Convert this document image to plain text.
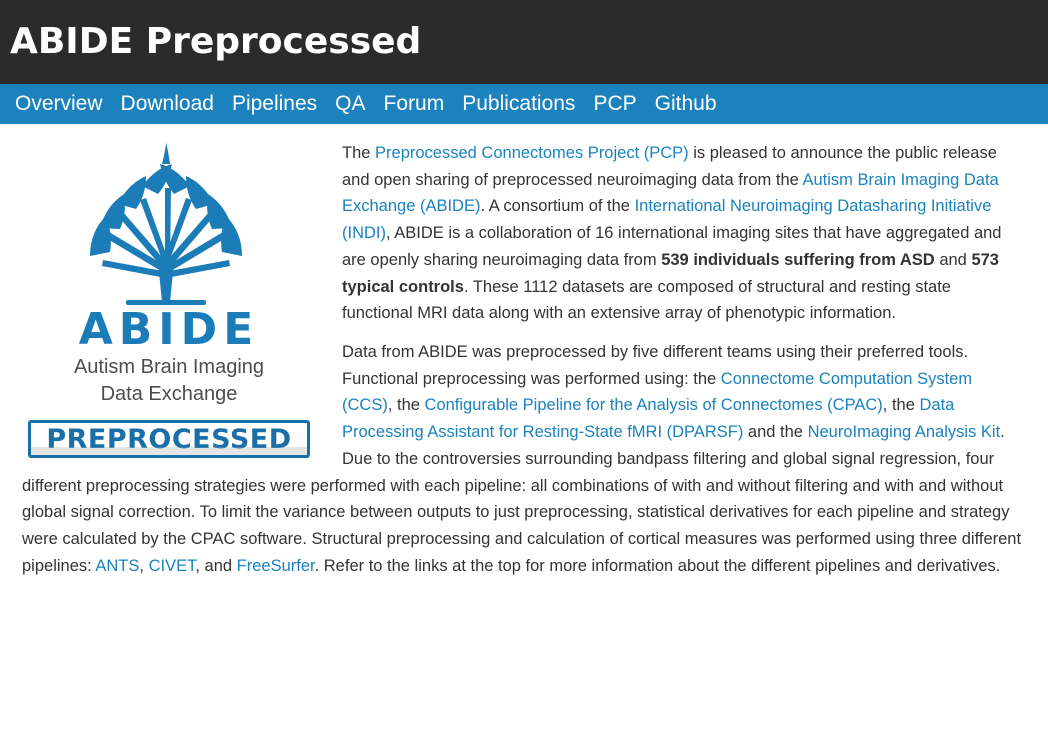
ABIDE Preprocessed
Overview Download Pipelines QA Forum Publications PCP Github
ABIDE
Autism Brain Imaging
Data Exchange
PREPROCESSED

The Preprocessed Connectomes Project (PCP) is pleased to announce the public release and open sharing of preprocessed neuroimaging data from the Autism Brain Imaging Data Exchange (ABIDE). A consortium of the International Neuroimaging Datasharing Initiative (INDI), ABIDE is a collaboration of 16 international imaging sites that have aggregated and are openly sharing neuroimaging data from 539 individuals suffering from ASD and 573 typical controls. These 1112 datasets are composed of structural and resting state functional MRI data along with an extensive array of phenotypic information.

Data from ABIDE was preprocessed by five different teams using their preferred tools. Functional preprocessing was performed using: the Connectome Computation System (CCS), the Configurable Pipeline for the Analysis of Connectomes (CPAC), the Data Processing Assistant for Resting-State fMRI (DPARSF) and the NeuroImaging Analysis Kit. Due to the controversies surrounding bandpass filtering and global signal regression, four different preprocessing strategies were performed with each pipeline: all combinations of with and without filtering and with and without global signal correction. To limit the variance between outputs to just preprocessing, statistical derivatives for each pipeline and strategy were calculated by the CPAC software. Structural preprocessing and calculation of cortical measures was performed using three different pipelines: ANTS, CIVET, and FreeSurfer. Refer to the links at the top for more information about the different pipelines and derivatives.
